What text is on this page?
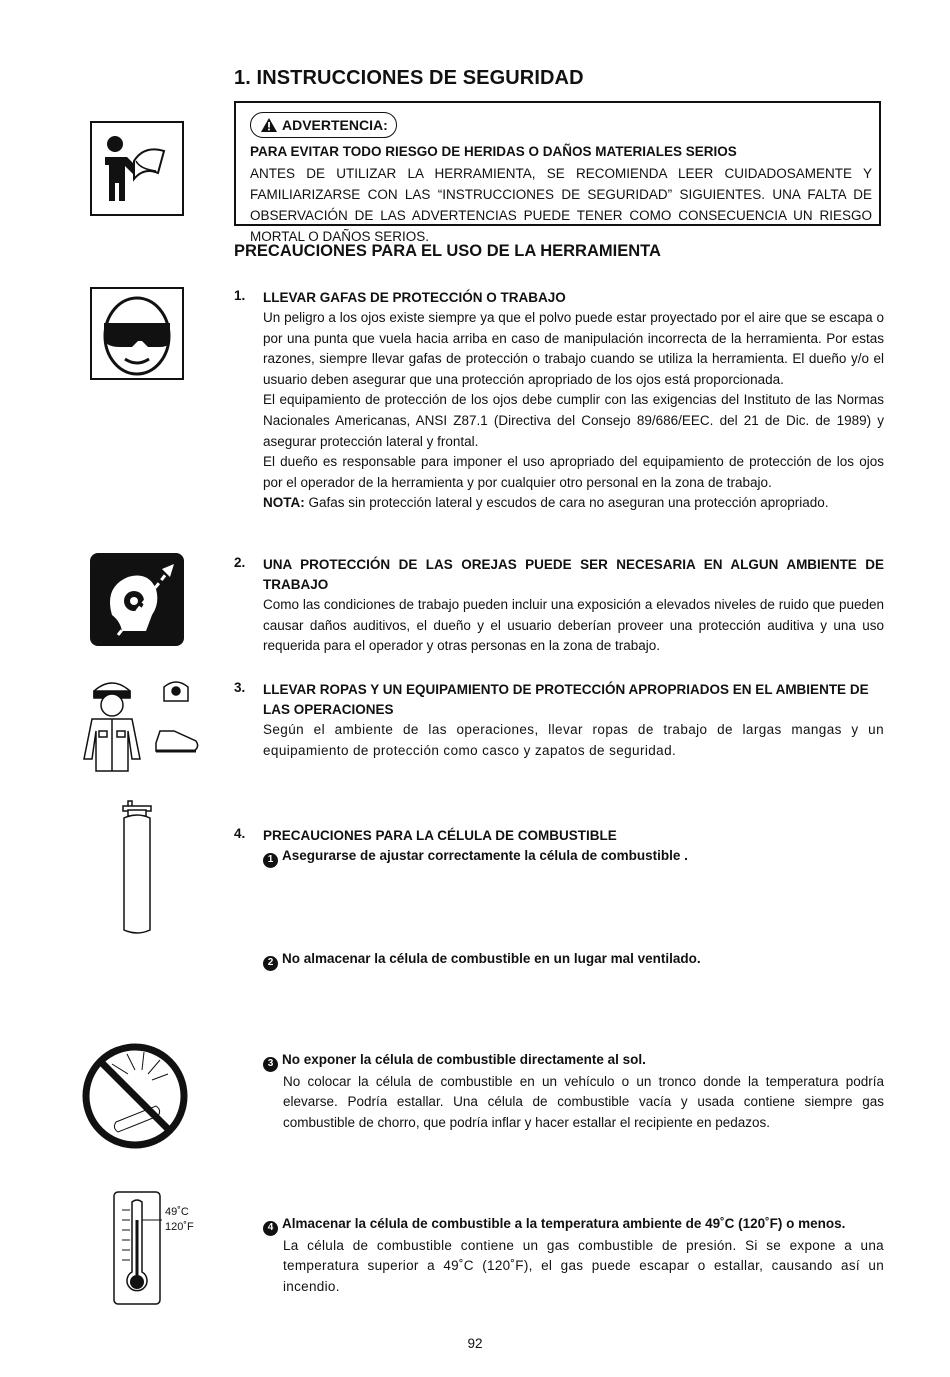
1. INSTRUCCIONES DE SEGURIDAD
ADVERTENCIA:
PARA EVITAR TODO RIESGO DE HERIDAS O DAÑOS MATERIALES SERIOS
ANTES DE UTILIZAR LA HERRAMIENTA, SE RECOMIENDA LEER CUIDADOSAMENTE Y FAMILIARIZARSE CON LAS “INSTRUCCIONES DE SEGURIDAD” SIGUIENTES. UNA FALTA DE OBSERVACIÓN DE LAS ADVERTENCIAS PUEDE TENER COMO CONSECUENCIA UN RIESGO MORTAL O DAÑOS SERIOS.
PRECAUCIONES PARA EL USO DE LA HERRAMIENTA
49˚C
120˚F
1. LLEVAR GAFAS DE PROTECCIÓN O TRABAJO
Un peligro a los ojos existe siempre ya que el polvo puede estar proyectado por el aire que se escapa o por una punta que vuela hacia arriba en caso de manipulación incorrecta de la herramienta. Por estas razones, siempre llevar gafas de protección o trabajo cuando se utiliza la herramienta. El dueño y/o el usuario deben asegurar que una protección apropriado de los ojos está proporcionada.
El equipamiento de protección de los ojos debe cumplir con las exigencias del Instituto de las Normas Nacionales Americanas, ANSI Z87.1 (Directiva del Consejo 89/686/EEC. del 21 de Dic. de 1989) y asegurar protección lateral y frontal.
El dueño es responsable para imponer el uso apropriado del equipamiento de protección de los ojos por el operador de la herramienta y por cualquier otro personal en la zona de trabajo.
NOTA: Gafas sin protección lateral y escudos de cara no aseguran una protección apropriado.
2. UNA PROTECCIÓN DE LAS OREJAS PUEDE SER NECESARIA EN ALGUN AMBIENTE DE TRABAJO
Como las condiciones de trabajo pueden incluir una exposición a elevados niveles de ruido que pueden causar daños auditivos, el dueño y el usuario deberían proveer una protección auditiva y una uso requerida para el operador y otras personas en la zona de trabajo.
3. LLEVAR ROPAS Y UN EQUIPAMIENTO DE PROTECCIÓN APROPRIADOS EN EL AMBIENTE DE LAS OPERACIONES
Según el ambiente de las operaciones, llevar ropas de trabajo de largas mangas y un equipamiento de protección como casco y zapatos de seguridad.
4. PRECAUCIONES PARA LA CÉLULA DE COMBUSTIBLE
1 Asegurarse de ajustar correctamente la célula de combustible .
2 No almacenar la célula de combustible en un lugar mal ventilado.
3 No exponer la célula de combustible directamente al sol.
No colocar la célula de combustible en un vehículo o un tronco donde la temperatura podría elevarse. Podría estallar. Una célula de combustible vacía y usada contiene siempre gas combustible de chorro, que podría inflar y hacer estallar el recipiente en pedazos.
4 Almacenar la célula de combustible a la temperatura ambiente de 49˚C (120˚F) o menos.
La célula de combustible contiene un gas combustible de presión. Si se expone a una temperatura superior a 49˚C (120˚F), el gas puede escapar o estallar, causando así un incendio.
92
